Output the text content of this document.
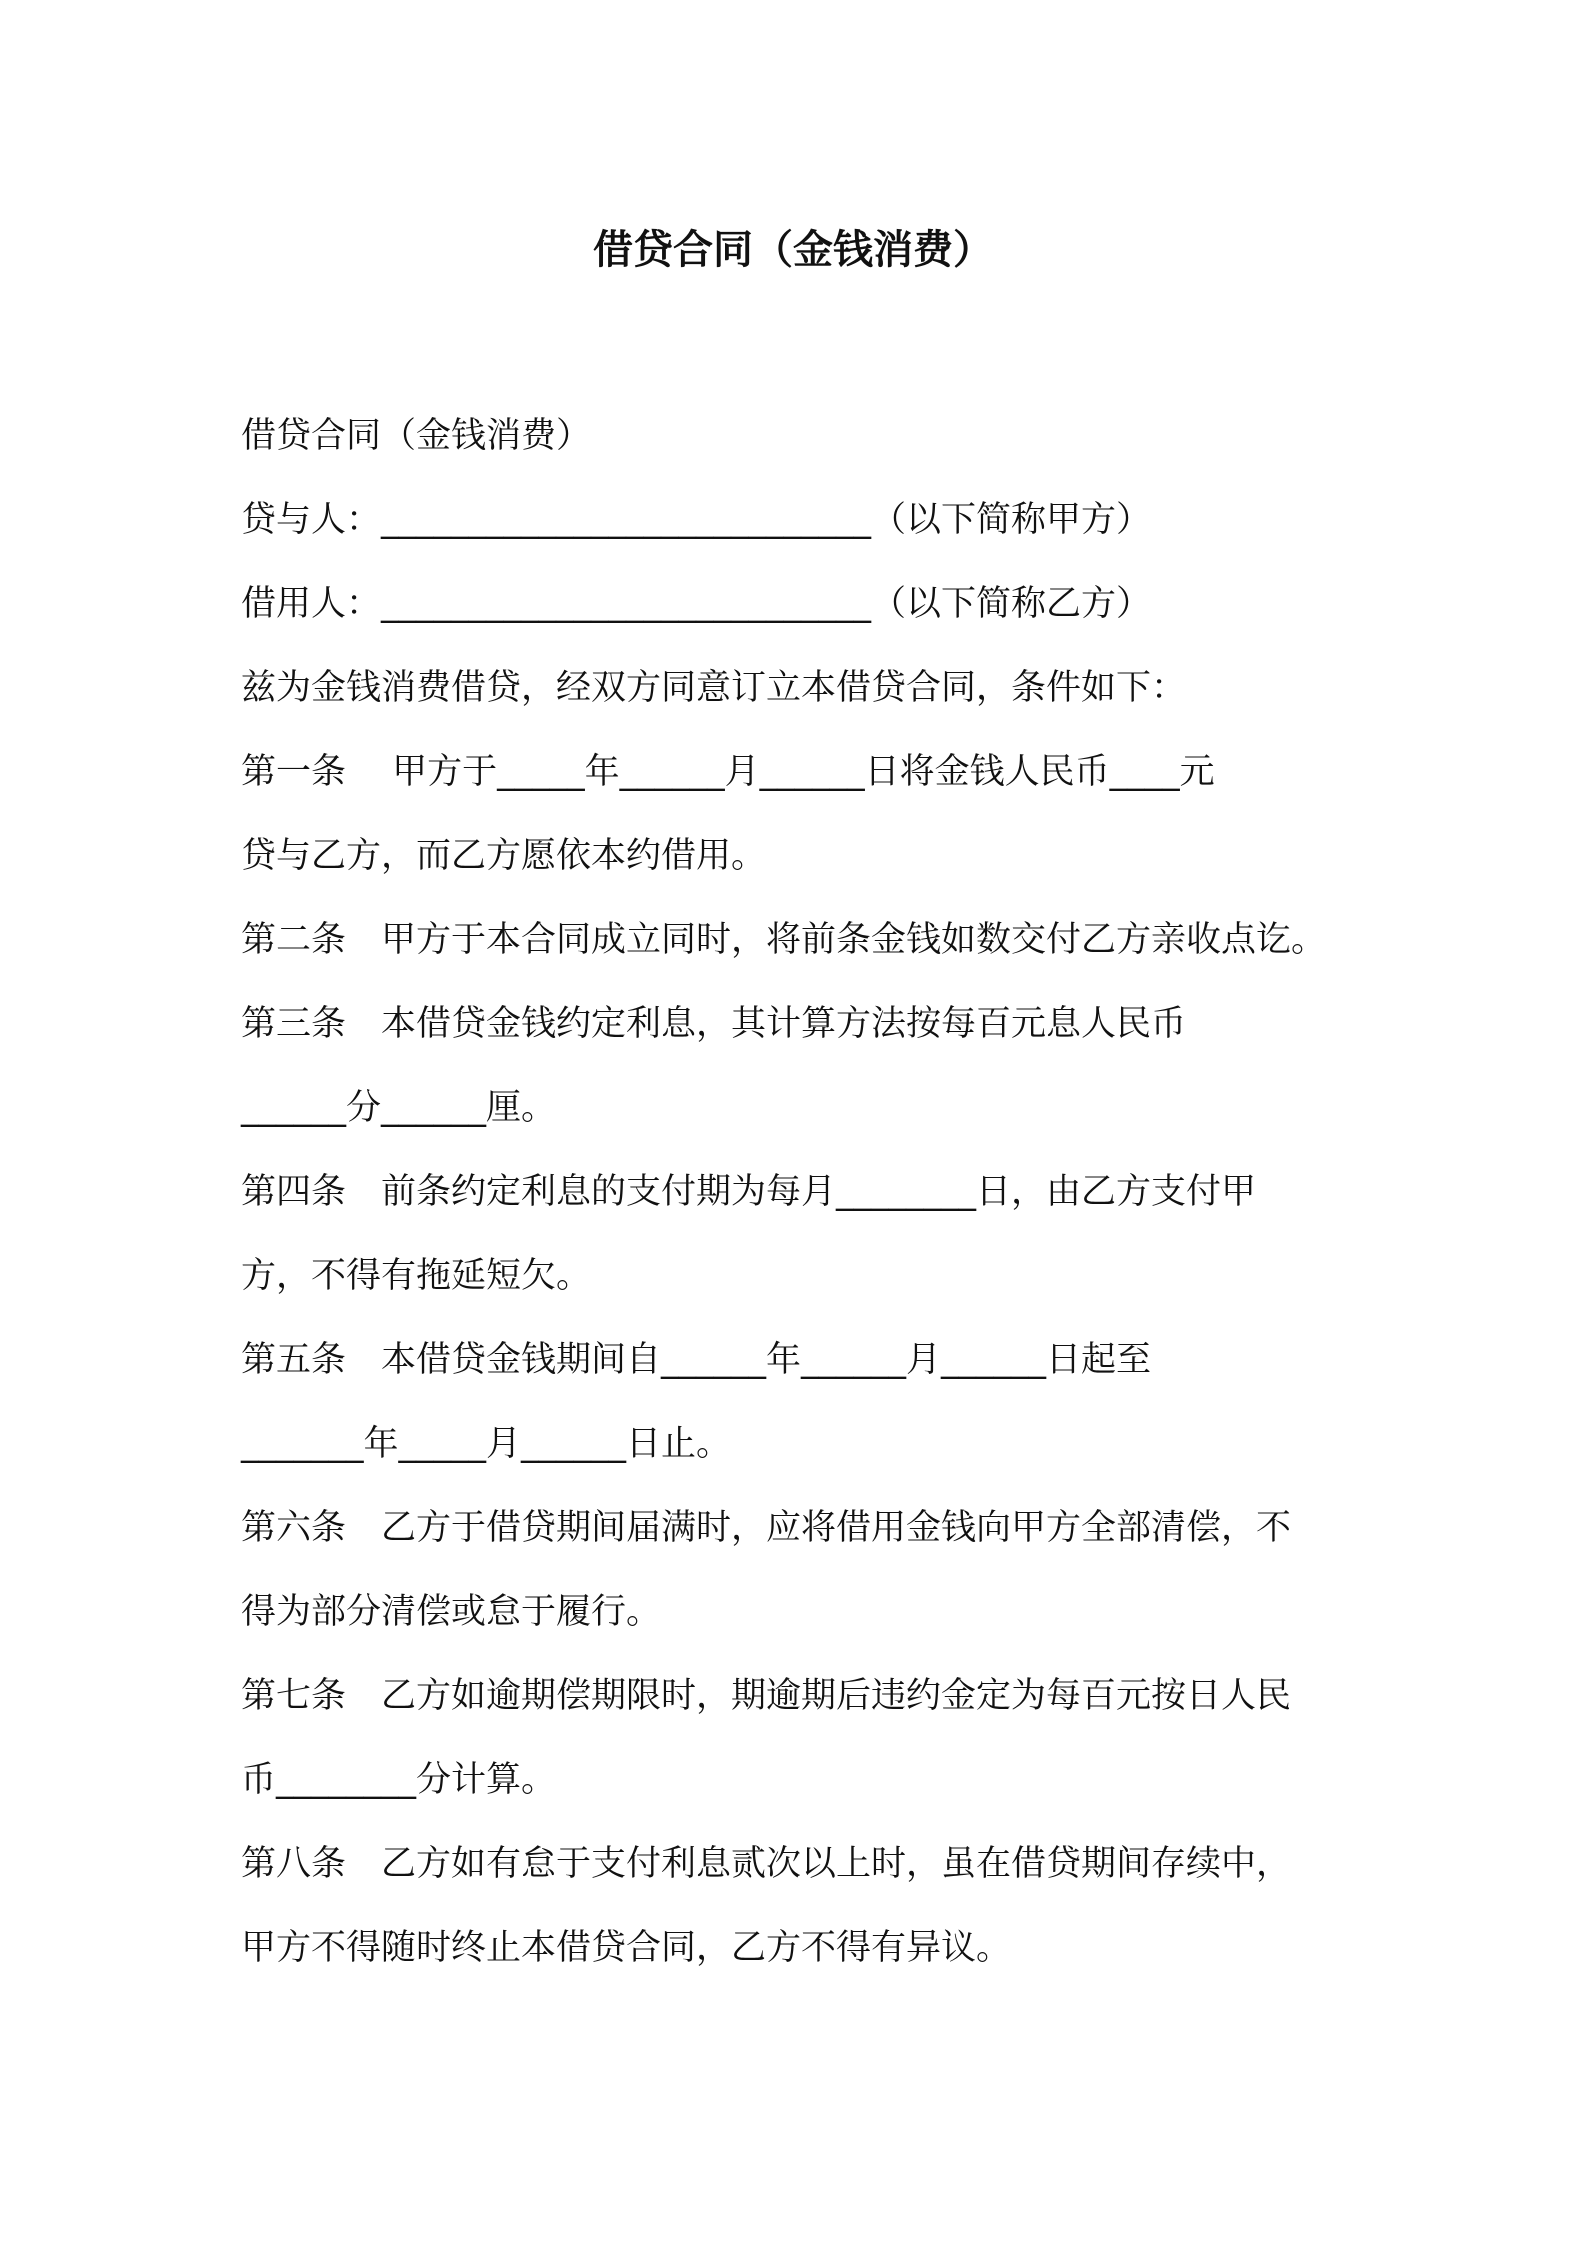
借贷合同（金钱消费）

借贷合同（金钱消费）

贷与人：____________________________（以下简称甲方）

借用人：____________________________（以下简称乙方）

兹为金钱消费借贷，经双方同意订立本借贷合同，条件如下：

第一条　 甲方于_____年______月______日将金钱人民币____元

贷与乙方，而乙方愿依本约借用。

第二条　甲方于本合同成立同时，将前条金钱如数交付乙方亲收点讫。

第三条　本借贷金钱约定利息，其计算方法按每百元息人民币

______分______厘。

第四条　前条约定利息的支付期为每月________日，由乙方支付甲

方，不得有拖延短欠。

第五条　本借贷金钱期间自______年______月______日起至

_______年_____月______日止。

第六条　乙方于借贷期间届满时，应将借用金钱向甲方全部清偿，不

得为部分清偿或怠于履行。

第七条　乙方如逾期偿期限时，期逾期后违约金定为每百元按日人民

币________分计算。

第八条　乙方如有怠于支付利息贰次以上时，虽在借贷期间存续中，

甲方不得随时终止本借贷合同，乙方不得有异议。
